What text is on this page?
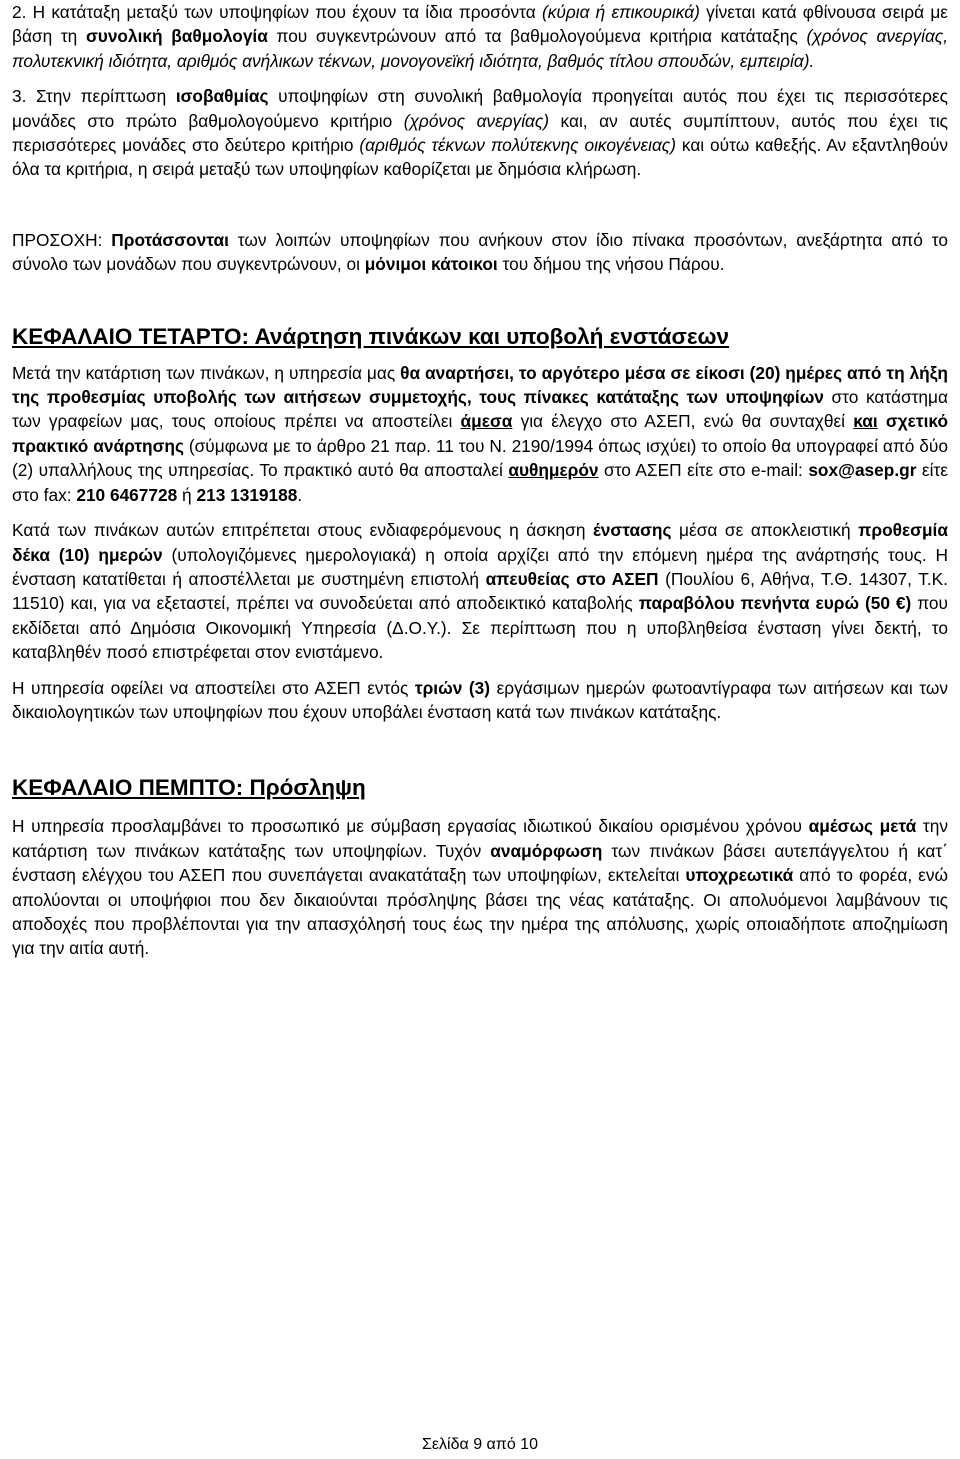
2. Η κατάταξη μεταξύ των υποψηφίων που έχουν τα ίδια προσόντα (κύρια ή επικουρικά) γίνεται κατά φθίνουσα σειρά με βάση τη συνολική βαθμολογία που συγκεντρώνουν από τα βαθμολογούμενα κριτήρια κατάταξης (χρόνος ανεργίας, πολυτεκνική ιδιότητα, αριθμός ανήλικων τέκνων, μονογονεϊκή ιδιότητα, βαθμός τίτλου σπουδών, εμπειρία).

3. Στην περίπτωση ισοβαθμίας υποψηφίων στη συνολική βαθμολογία προηγείται αυτός που έχει τις περισσότερες μονάδες στο πρώτο βαθμολογούμενο κριτήριο (χρόνος ανεργίας) και, αν αυτές συμπίπτουν, αυτός που έχει τις περισσότερες μονάδες στο δεύτερο κριτήριο (αριθμός τέκνων πολύτεκνης οικογένειας) και ούτω καθεξής. Αν εξαντληθούν όλα τα κριτήρια, η σειρά μεταξύ των υποψηφίων καθορίζεται με δημόσια κλήρωση.

ΠΡΟΣΟΧΗ: Προτάσσονται των λοιπών υποψηφίων που ανήκουν στον ίδιο πίνακα προσόντων, ανεξάρτητα από το σύνολο των μονάδων που συγκεντρώνουν, οι μόνιμοι κάτοικοι του δήμου της νήσου Πάρου.

ΚΕΦΑΛΑΙΟ ΤΕΤΑΡΤΟ: Ανάρτηση πινάκων και υποβολή ενστάσεων

Μετά την κατάρτιση των πινάκων, η υπηρεσία μας θα αναρτήσει, το αργότερο μέσα σε είκοσι (20) ημέρες από τη λήξη της προθεσμίας υποβολής των αιτήσεων συμμετοχής, τους πίνακες κατάταξης των υποψηφίων στο κατάστημα των γραφείων μας, τους οποίους πρέπει να αποστείλει άμεσα για έλεγχο στο ΑΣΕΠ, ενώ θα συνταχθεί και σχετικό πρακτικό ανάρτησης (σύμφωνα με το άρθρο 21 παρ. 11 του Ν. 2190/1994 όπως ισχύει) το οποίο θα υπογραφεί από δύο (2) υπαλλήλους της υπηρεσίας. Το πρακτικό αυτό θα αποσταλεί αυθημερόν στο ΑΣΕΠ είτε στο e-mail: sox@asep.gr είτε στο fax: 210 6467728 ή 213 1319188.

Κατά των πινάκων αυτών επιτρέπεται στους ενδιαφερόμενους η άσκηση ένστασης μέσα σε αποκλειστική προθεσμία δέκα (10) ημερών (υπολογιζόμενες ημερολογιακά) η οποία αρχίζει από την επόμενη ημέρα της ανάρτησής τους. Η ένσταση κατατίθεται ή αποστέλλεται με συστημένη επιστολή απευθείας στο ΑΣΕΠ (Πουλίου 6, Αθήνα, Τ.Θ. 14307, Τ.Κ. 11510) και, για να εξεταστεί, πρέπει να συνοδεύεται από αποδεικτικό καταβολής παραβόλου πενήντα ευρώ (50 €) που εκδίδεται από Δημόσια Οικονομική Υπηρεσία (Δ.Ο.Υ.). Σε περίπτωση που η υποβληθείσα ένσταση γίνει δεκτή, το καταβληθέν ποσό επιστρέφεται στον ενιστάμενο.

Η υπηρεσία οφείλει να αποστείλει στο ΑΣΕΠ εντός τριών (3) εργάσιμων ημερών φωτοαντίγραφα των αιτήσεων και των δικαιολογητικών των υποψηφίων που έχουν υποβάλει ένσταση κατά των πινάκων κατάταξης.

ΚΕΦΑΛΑΙΟ ΠΕΜΠΤΟ: Πρόσληψη

Η υπηρεσία προσλαμβάνει το προσωπικό με σύμβαση εργασίας ιδιωτικού δικαίου ορισμένου χρόνου αμέσως μετά την κατάρτιση των πινάκων κατάταξης των υποψηφίων. Τυχόν αναμόρφωση των πινάκων βάσει αυτεπάγγελτου ή κατ΄ ένσταση ελέγχου του ΑΣΕΠ που συνεπάγεται ανακατάταξη των υποψηφίων, εκτελείται υποχρεωτικά από το φορέα, ενώ απολύονται οι υποψήφιοι που δεν δικαιούνται πρόσληψης βάσει της νέας κατάταξης. Οι απολυόμενοι λαμβάνουν τις αποδοχές που προβλέπονται για την απασχόλησή τους έως την ημέρα της απόλυσης, χωρίς οποιαδήποτε αποζημίωση για την αιτία αυτή.

Σελίδα 9 από 10
